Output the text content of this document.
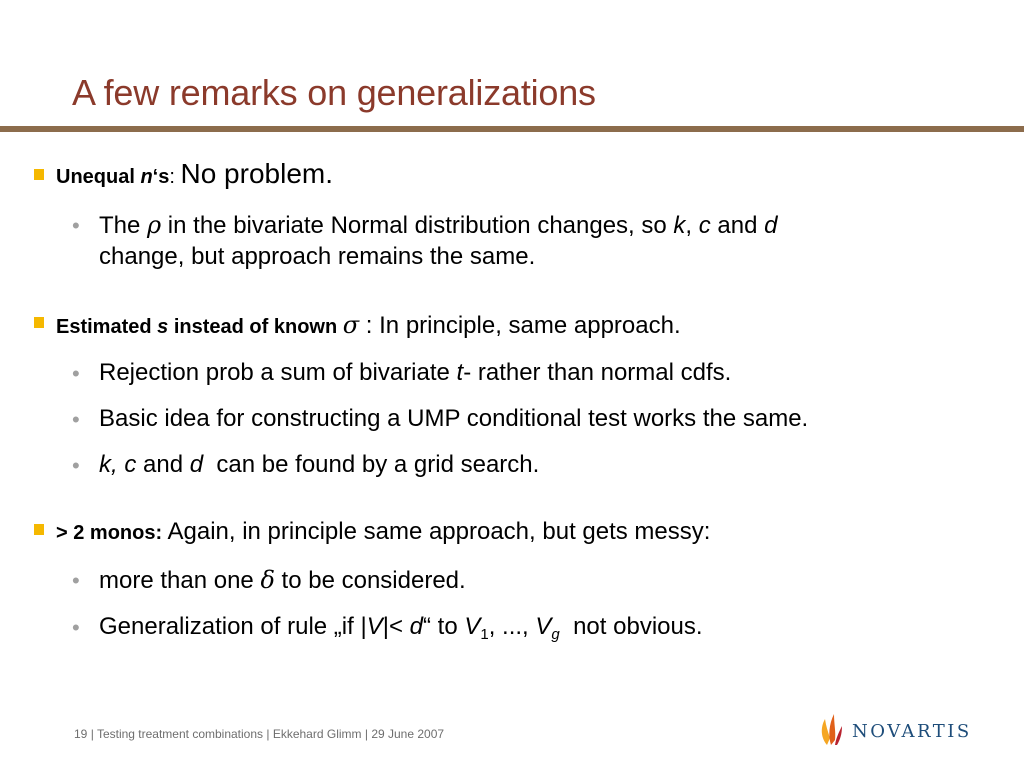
A few remarks on generalizations
Unequal n‘s: No problem.
• The ρ in the bivariate Normal distribution changes, so k, c and d
change, but approach remains the same.
Estimated s instead of known σ : In principle, same approach.
• Rejection prob a sum of bivariate t- rather than normal cdfs.
• Basic idea for constructing a UMP conditional test works the same.
• k, c and d  can be found by a grid search.
> 2 monos: Again, in principle same approach, but gets messy:
• more than one δ to be considered.
• Generalization of rule „if |V|< d“ to $V_1$, ..., $V_g$  not obvious.
19 | Testing treatment combinations | Ekkehard Glimm | 29 June 2007	NOVARTIS
